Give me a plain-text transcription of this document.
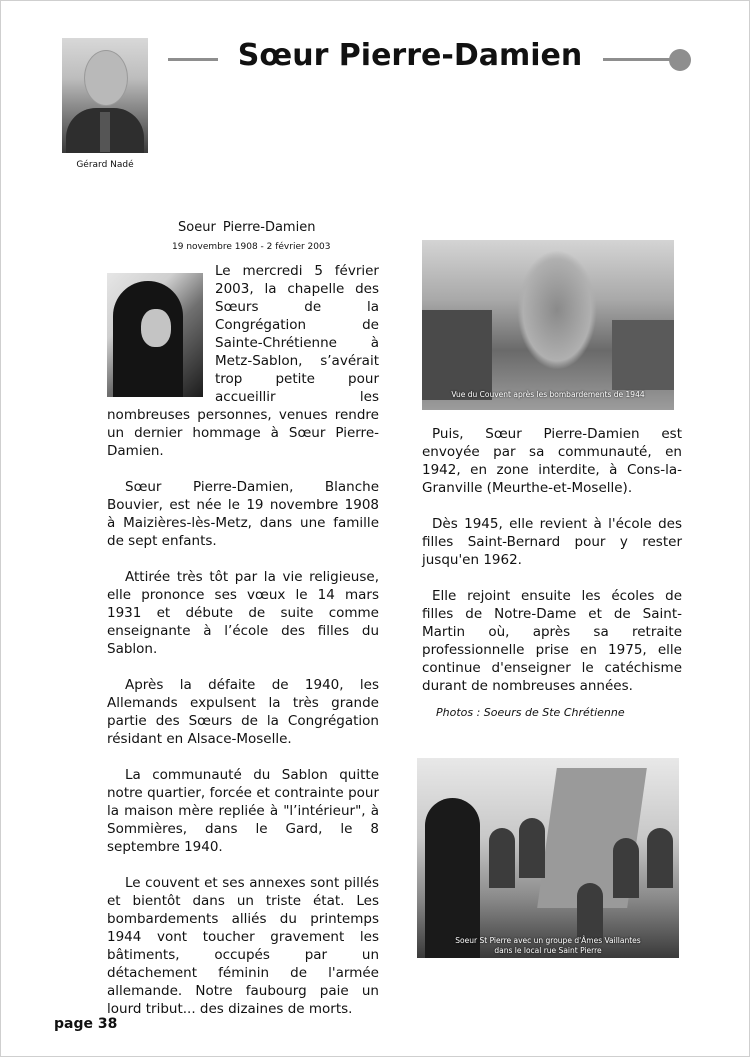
Gérard Nadé
Sœur Pierre-Damien
Soeur Pierre-Damien
19 novembre 1908 - 2 février 2003

Le mercredi 5 février 2003, la chapelle des Sœurs de la Congrégation de Sainte-Chrétienne à Metz-Sablon, s’avérait trop petite pour accueillir les nombreuses personnes, venues rendre un dernier hommage à Sœur Pierre-Damien.

Sœur Pierre-Damien, Blanche Bouvier, est née le 19 novembre 1908 à Maizières-lès-Metz, dans une famille de sept enfants.

Attirée très tôt par la vie religieuse, elle prononce ses vœux le 14 mars 1931 et débute de suite comme enseignante à l’école des filles du Sablon.

Après la défaite de 1940, les Allemands expulsent la très grande partie des Sœurs de la Congrégation résidant en Alsace-Moselle.

La communauté du Sablon quitte notre quartier, forcée et contrainte pour la maison mère repliée à "l’intérieur", à Sommières, dans le Gard, le 8 septembre 1940.

Le couvent et ses annexes sont pillés et bientôt dans un triste état. Les bombardements alliés du printemps 1944 vont toucher gravement les bâtiments, occupés par un détachement féminin de l'armée allemande. Notre faubourg paie un lourd tribut... des dizaines de morts.

Vue du Couvent après les bombardements de 1944

Puis, Sœur Pierre-Damien est envoyée par sa communauté, en 1942, en zone interdite, à Cons-la-Granville (Meurthe-et-Moselle).

Dès 1945, elle revient à l'école des filles Saint-Bernard pour y rester jusqu'en 1962.

Elle rejoint ensuite les écoles de filles de Notre-Dame et de Saint-Martin où, après sa retraite professionnelle prise en 1975, elle continue d'enseigner le catéchisme durant de nombreuses années.

Photos : Soeurs de Ste Chrétienne
Soeur St Pierre avec un groupe d'Âmes Vaillantes
dans le local rue Saint Pierre
page 38
